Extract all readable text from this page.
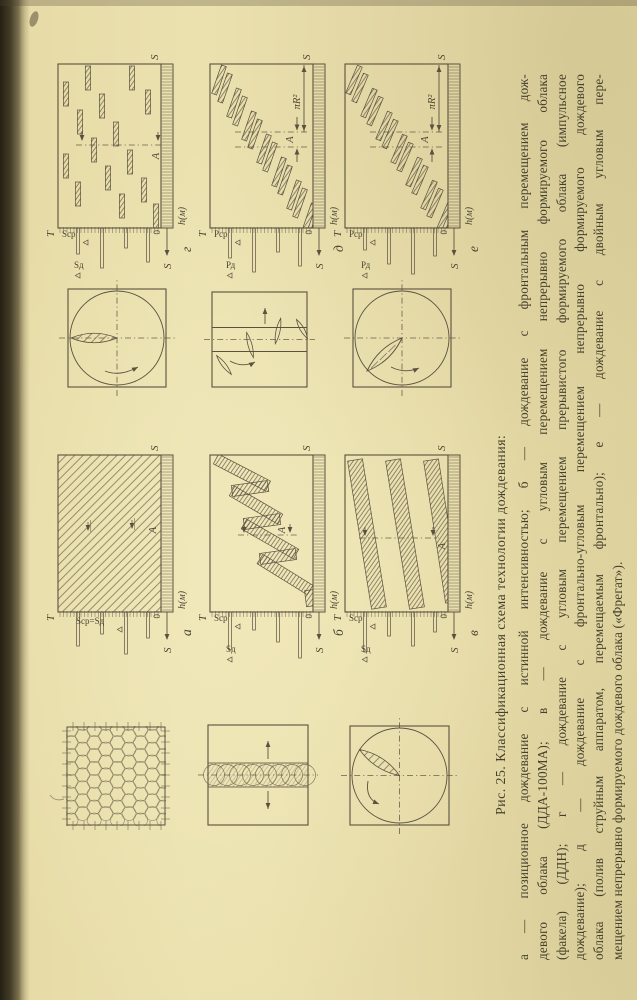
T
S
S
0
h(м)
а
Sср=Sд
A
T
S
S
0
h(м)
г
Sср
Sд
A
T
S
S
0
h(м)
б
Sср
Sд
A
T
S
S
0
h(м)
д
Рср
Рд
A
πR²
T
S
S
0
h(м)
в
Sср
Sд
A
T
S
S
0
h(м)
е
Рср
Рд
A
πR²
Рис. 25. Классификационная схема технологии дождевания: а — позиционное дождевание с истинной интенсивностью; б — дождевание с фронтальным перемещением дож- девого облака (ДДА-100МА); в — дождевание с угловым перемещением непрерывно формируемого облака (факела) (ДДН); г — дождевание с угловым перемещением прерывистого формируемого облака (импульсное дождевание); д — дождевание с фронтально-угловым перемещением непрерывно формируемого дождевого облака (полив струйным аппаратом, перемещаемым фронтально); е — дождевание с двойным угловым пере- мещением непрерывно формируемого дождевого облака («Фрегат»).
